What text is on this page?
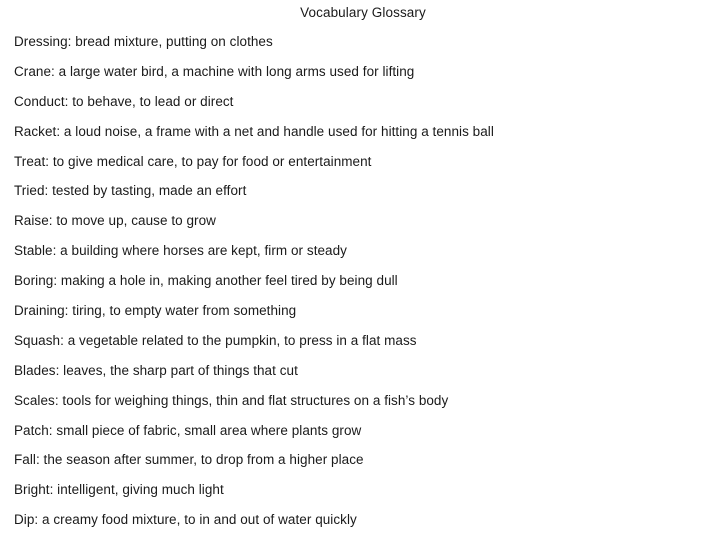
Vocabulary Glossary
Dressing: bread mixture, putting on clothes
Crane: a large water bird, a machine with long arms used for lifting
Conduct: to behave, to lead or direct
Racket: a loud noise, a frame with a net and handle used for hitting a tennis ball
Treat: to give medical care, to pay for food or entertainment
Tried: tested by tasting, made an effort
Raise: to move up, cause to grow
Stable: a building where horses are kept, firm or steady
Boring: making a hole in, making another feel tired by being dull
Draining: tiring, to empty water from something
Squash: a vegetable related to the pumpkin, to press in a flat mass
Blades: leaves, the sharp part of things that cut
Scales: tools for weighing things, thin and flat structures on a fish’s body
Patch: small piece of fabric, small area where plants grow
Fall: the season after summer, to drop from a higher place
Bright: intelligent, giving much light
Dip: a creamy food mixture, to in and out of water quickly
